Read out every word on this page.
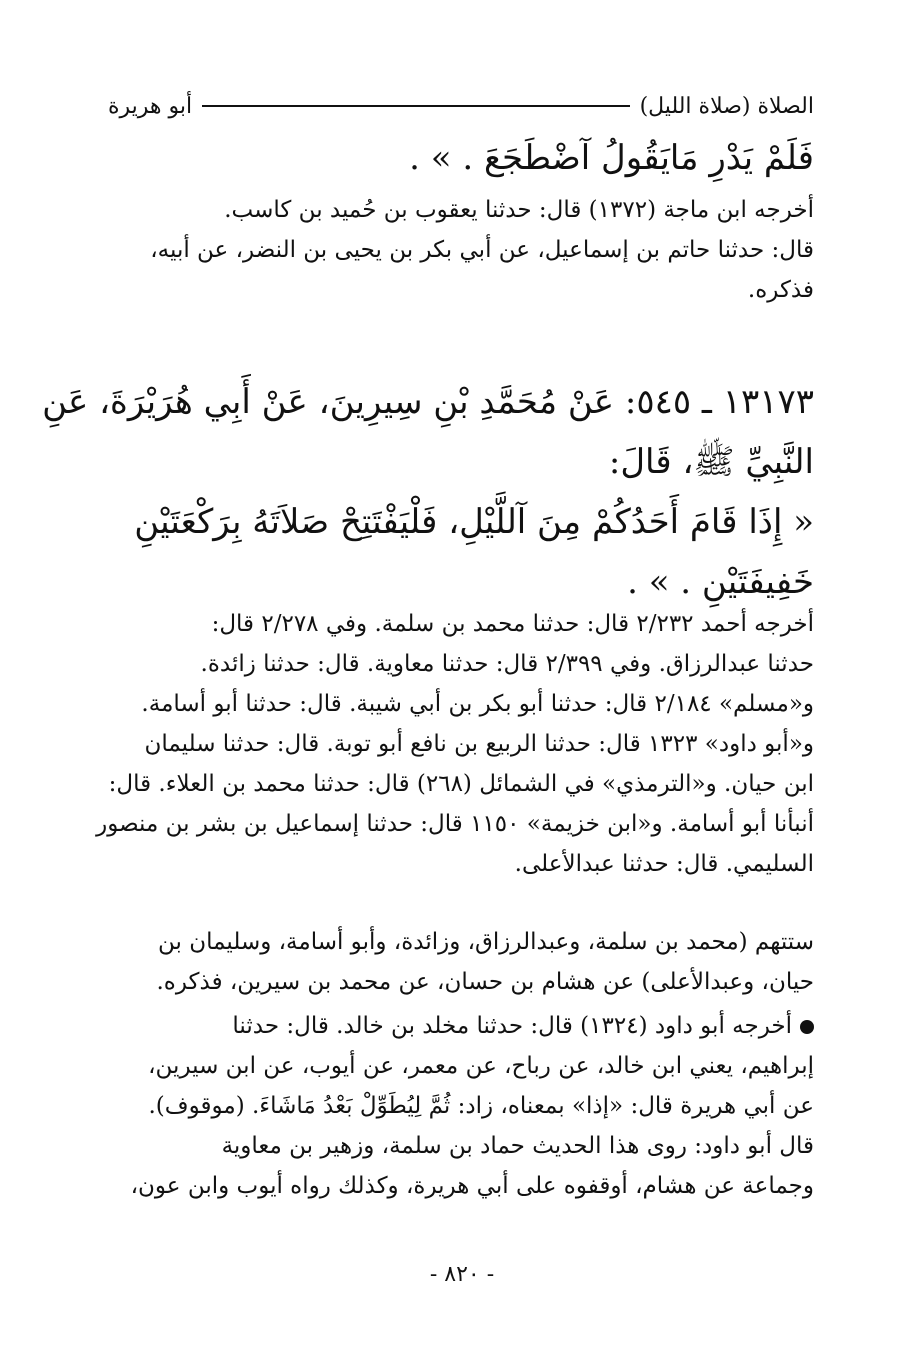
الصلاة (صلاة الليل)
أبو هريرة
فَلَمْ يَدْرِ مَايَقُولُ آضْطَجَعَ . » .
أخرجه ابن ماجة (١٣٧٢) قال: حدثنا يعقوب بن حُميد بن كاسب.
قال: حدثنا حاتم بن إسماعيل، عن أبي بكر بن يحيى بن النضر، عن أبيه،
فذكره.
١٣١٧٣ ـ ٥٤٥: عَنْ مُحَمَّدِ بْنِ سِيرِينَ، عَنْ أَبِي هُرَيْرَةَ، عَنِ
النَّبِيِّ ﷺ، قَالَ:
« إِذَا قَامَ أَحَدُكُمْ مِنَ آللَّيْلِ، فَلْيَفْتَتِحْ صَلاَتَهُ بِرَكْعَتَيْنِ
خَفِيفَتَيْنِ . » .
أخرجه أحمد ٢/٢٣٢ قال: حدثنا محمد بن سلمة. وفي ٢/٢٧٨ قال:
حدثنا عبدالرزاق. وفي ٢/٣٩٩ قال: حدثنا معاوية. قال: حدثنا زائدة.
و«مسلم» ٢/١٨٤ قال: حدثنا أبو بكر بن أبي شيبة. قال: حدثنا أبو أسامة.
و«أبو داود» ١٣٢٣ قال: حدثنا الربيع بن نافع أبو توبة. قال: حدثنا سليمان
ابن حيان. و«الترمذي» في الشمائل (٢٦٨) قال: حدثنا محمد بن العلاء. قال:
أنبأنا أبو أسامة. و«ابن خزيمة» ١١٥٠ قال: حدثنا إسماعيل بن بشر بن منصور
السليمي. قال: حدثنا عبدالأعلى.
ستتهم (محمد بن سلمة، وعبدالرزاق، وزائدة، وأبو أسامة، وسليمان بن
حيان، وعبدالأعلى) عن هشام بن حسان، عن محمد بن سيرين، فذكره.
أخرجه أبو داود (١٣٢٤) قال: حدثنا مخلد بن خالد. قال: حدثنا
إبراهيم، يعني ابن خالد، عن رباح، عن معمر، عن أيوب، عن ابن سيرين،
عن أبي هريرة قال: «إذا» بمعناه، زاد: ثُمَّ لِيُطَوِّلْ بَعْدُ مَاشَاءَ. (موقوف).
قال أبو داود: روى هذا الحديث حماد بن سلمة، وزهير بن معاوية
وجماعة عن هشام، أوقفوه على أبي هريرة، وكذلك رواه أيوب وابن عون،
- ٨٢٠ -
